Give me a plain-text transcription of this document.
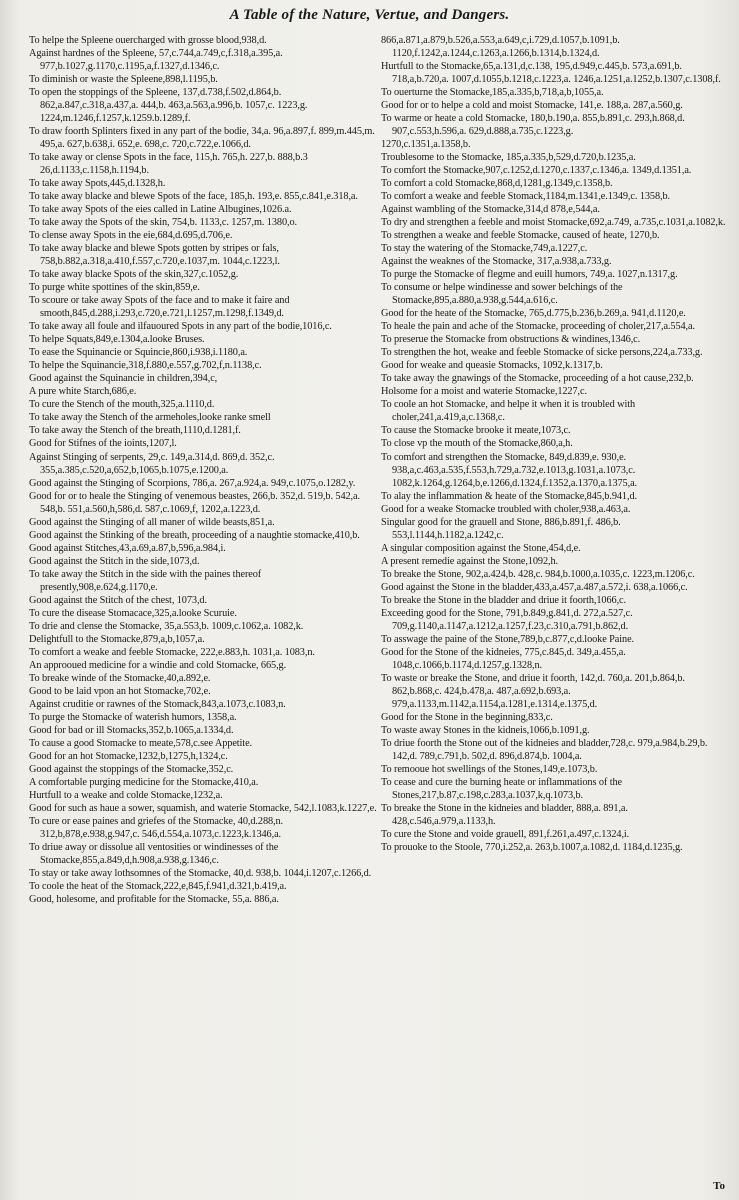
A Table of the Nature, Vertue, and Dangers.

To helpe the Spleene ouercharged with grosse blood,938,d.

Against hardnes of the Spleene, 57,c.744,a.749,c,f.318,a.395,a. 977,b.1027,g.1170,c.1195,a,f.1327,d.1346,c.

To diminish or waste the Spleene,898,l.1195,b.

To open the stoppings of the Spleene, 137,d.738,f.502,d.864,b. 862,a.847,c.318,a.437,a. 444,b. 463,a.563,a.996,b. 1057,c. 1223,g. 1224,m.1246,f.1257,k.1259.b.1289,f.

To draw foorth Splinters fixed in any part of the bodie, 34,a. 96,a.897,f. 899,m.445,m. 495,a. 627,b.638,i. 652,e. 698,c. 720,c.722,e.1066,d.

To take away or clense Spots in the face, 115,h. 765,h. 227,b. 888,b.3 26,d.1133,c.1158,h.1194,b.

To take away Spots,445,d.1328,h.

To take away blacke and blewe Spots of the face, 185,h. 193,e. 855,c.841,e.318,a.

To take away Spots of the eies called in Latine Albugines,1026.a.

To take away the Spots of the skin, 754,b. 1133,c. 1257,m. 1380,o.

To clense away Spots in the eie,684,d.695,d.706,e.

To take away blacke and blewe Spots gotten by stripes or fals, 758,b.882,a.318,a.410,f.557,c.720,e.1037,m. 1044,c.1223,l.

To take away blacke Spots of the skin,327,c.1052,g.

To purge white spottines of the skin,859,e.

To scoure or take away Spots of the face and to make it faire and smooth,845,d.288,i.293,c.720,e.721,l.1257,m.1298,f.1349,d.

To take away all foule and ilfauoured Spots in any part of the bodie,1016,c.

To helpe Squats,849,e.1304,a.looke Bruses.

To ease the Squinancie or Squincie,860,i.938,i.1180,a.

To helpe the Squinancie,318,f.880,e.557,g.702,f,n.1138,c.

Good against the Squinancie in children,394,c,

A pure white Starch,686,e.

To cure the Stench of the mouth,325,a.1110,d.

To take away the Stench of the armeholes,looke ranke smell

To take away the Stench of the breath,1110,d.1281,f.

Good for Stifnes of the ioints,1207,l.

Against Stinging of serpents, 29,c. 149,a.314,d. 869,d. 352,c. 355,a.385,c.520,a,652,b,1065,b.1075,e.1200,a.

Good against the Stinging of Scorpions, 786,a. 267,a.924,a. 949,c.1075,o.1282,y.

Good for or to heale the Stinging of venemous beastes, 266,b. 352,d. 519,b. 542,a. 548,b. 551,a.560,h,586,d. 587,c.1069,f, 1202,a.1223,d.

Good against the Stinging of all maner of wilde beasts,851,a.

Good against the Stinking of the breath, proceeding of a naughtie stomacke,410,b.

Good against Stitches,43,a.69,a.87,b,596,a.984,i.

Good against the Stitch in the side,1073,d.

To take away the Stitch in the side with the paines thereof presently,908,e.624,g.1170,e.

Good against the Stitch of the chest, 1073,d.

To cure the disease Stomacace,325,a.looke Scuruie.

To drie and clense the Stomacke, 35,a.553,b. 1009,c.1062,a. 1082,k.

Delightfull to the Stomacke,879,a,b,1057,a.

To comfort a weake and feeble Stomacke, 222,e.883,h. 1031,a. 1083,n.

An approoued medicine for a windie and cold Stomacke, 665,g.

To breake winde of the Stomacke,40,a.892,e.

Good to be laid vpon an hot Stomacke,702,e.

Against cruditie or rawnes of the Stomack,843,a.1073,c.1083,n.

To purge the Stomacke of waterish humors, 1358,a.

Good for bad or ill Stomacks,352,b.1065,a.1334,d.

To cause a good Stomacke to meate,578,c.see Appetite.

Good for an hot Stomacke,1232,b,1275,h,1324,c.

Good against the stoppings of the Stomacke,352,c.

A comfortable purging medicine for the Stomacke,410,a.

Hurtfull to a weake and colde Stomacke,1232,a.

Good for such as haue a sower, squamish, and waterie Stomacke, 542,l.1083,k.1227,e.

To cure or ease paines and griefes of the Stomacke, 40,d.288,n. 312,b,878,e.938,g.947,c. 546,d.554,a.1073,c.1223,k.1346,a.

To driue away or dissolue all ventosities or windinesses of the Stomacke,855,a.849,d,h.908,a.938,g.1346,c.

To stay or take away lothsomnes of the Stomacke, 40,d. 938,b. 1044,i.1207,c.1266,d.

To coole the heat of the Stomack,222,e,845,f.941,d.321,b.419,a.

Good, holesome, and profitable for the Stomacke, 55,a. 886,a.

866,a.871,a.879,b.526,a.553,a.649,c,i.729,d.1057,b.1091,b. 1120,f.1242,a.1244,c.1263,a.1266,b.1314,b.1324,d.

Hurtfull to the Stomacke,65,a.131,d,c.138, 195,d.949,c.445,b. 573,a.691,b. 718,a,b.720,a. 1007,d.1055,b.1218,c.1223,a. 1246,a.1251,a.1252,b.1307,c.1308,f.

To ouerturne the Stomacke,185,a.335,b,718,a,b,1055,a.

Good for or to helpe a cold and moist Stomacke, 141,e. 188,a. 287,a.560,g.

To warme or heate a cold Stomacke, 180,b.190,a. 855,b.891,c. 293,h.868,d. 907,c.553,h.596,a. 629,d.888,a.735,c.1223,g.

1270,c.1351,a.1358,b.

Troublesome to the Stomacke, 185,a.335,b,529,d.720,b.1235,a.

To comfort the Stomacke,907,c.1252,d.1270,c.1337,c.1346,a. 1349,d.1351,a.

To comfort a cold Stomacke,868,d,1281,g.1349,c.1358,b.

To comfort a weake and feeble Stomack,1184,m.1341,e.1349,c. 1358,b.

Against wambling of the Stomacke,314,d 878,e,544,a.

To dry and strengthen a feeble and moist Stomacke,692,a.749, a.735,c.1031,a.1082,k.

To strengthen a weake and feeble Stomacke, caused of heate, 1270,b.

To stay the watering of the Stomacke,749,a.1227,c.

Against the weaknes of the Stomacke, 317,a.938,a.733,g.

To purge the Stomacke of flegme and euill humors, 749,a. 1027,n.1317,g.

To consume or helpe windinesse and sower belchings of the Stomacke,895,a.880,a.938,g.544,a.616,c.

Good for the heate of the Stomacke, 765,d.775,b.236,b.269,a. 941,d.1120,e.

To heale the pain and ache of the Stomacke, proceeding of choler,217,a.554,a.

To preserue the Stomacke from obstructions & windines,1346,c.

To strengthen the hot, weake and feeble Stomacke of sicke persons,224,a.733,g.

Good for weake and queasie Stomacks, 1092,k.1317,b.

To take away the gnawings of the Stomacke, proceeding of a hot cause,232,b.

Holsome for a moist and waterie Stomacke,1227,c.

To coole an hot Stomacke, and helpe it when it is troubled with choler,241,a.419,a,c.1368,c.

To cause the Stomacke brooke it meate,1073,c.

To close vp the mouth of the Stomacke,860,a,h.

To comfort and strengthen the Stomacke, 849,d.839,e. 930,e. 938,a,c.463,a.535,f.553,h.729,a.732,e.1013,g.1031,a.1073,c. 1082,k.1264,g.1264,b,e.1266,d.1324,f.1352,a.1370,a.1375,a.

To alay the inflammation & heate of the Stomacke,845,b.941,d.

Good for a weake Stomacke troubled with choler,938,a.463,a.

Singular good for the grauell and Stone, 886,b.891,f. 486,b. 553,l.1144,h.1182,a.1242,c.

A singular composition against the Stone,454,d,e.

A present remedie against the Stone,1092,h.

To breake the Stone, 902,a.424,b. 428,c. 984,b.1000,a.1035,c. 1223,m.1206,c.

Good against the Stone in the bladder,433,a.457,a.487,a.572,i. 638,a.1066,c.

To breake the Stone in the bladder and driue it foorth,1066,c.

Exceeding good for the Stone, 791,b.849,g.841,d. 272,a.527,c. 709,g.1140,a.1147,a.1212,a.1257,f.23,c.310,a.791,b.862,d.

To asswage the paine of the Stone,789,b,c.877,c,d.looke Paine.

Good for the Stone of the kidneies, 775,c.845,d. 349,a.455,a. 1048,c.1066,b.1174,d.1257,g.1328,n.

To waste or breake the Stone, and driue it foorth, 142,d. 760,a. 201,b.864,b. 862,b.868,c. 424,b.478,a. 487,a.692,b.693,a. 979,a.1133,m.1142,a.1154,a.1281,e.1314,e.1375,d.

Good for the Stone in the beginning,833,c.

To waste away Stones in the kidneis,1066,b.1091,g.

To driue foorth the Stone out of the kidneies and bladder,728,c. 979,a.984,b.29,b. 142,d. 789,c.791,b. 502,d. 896,d.874,b. 1004,a.

To remooue hot swellings of the Stones,149,e.1073,b.

To cease and cure the burning heate or inflammations of the Stones,217,b.87,c.198,c.283,a.1037,k,q.1073,b.

To breake the Stone in the kidneies and bladder, 888,a. 891,a. 428,c.546,a.979,a.1133,h.

To cure the Stone and voide grauell, 891,f.261,a.497,c.1324,i.

To prouoke to the Stoole, 770,i.252,a. 263,b.1007,a.1082,d. 1184,d.1235,g.

To
